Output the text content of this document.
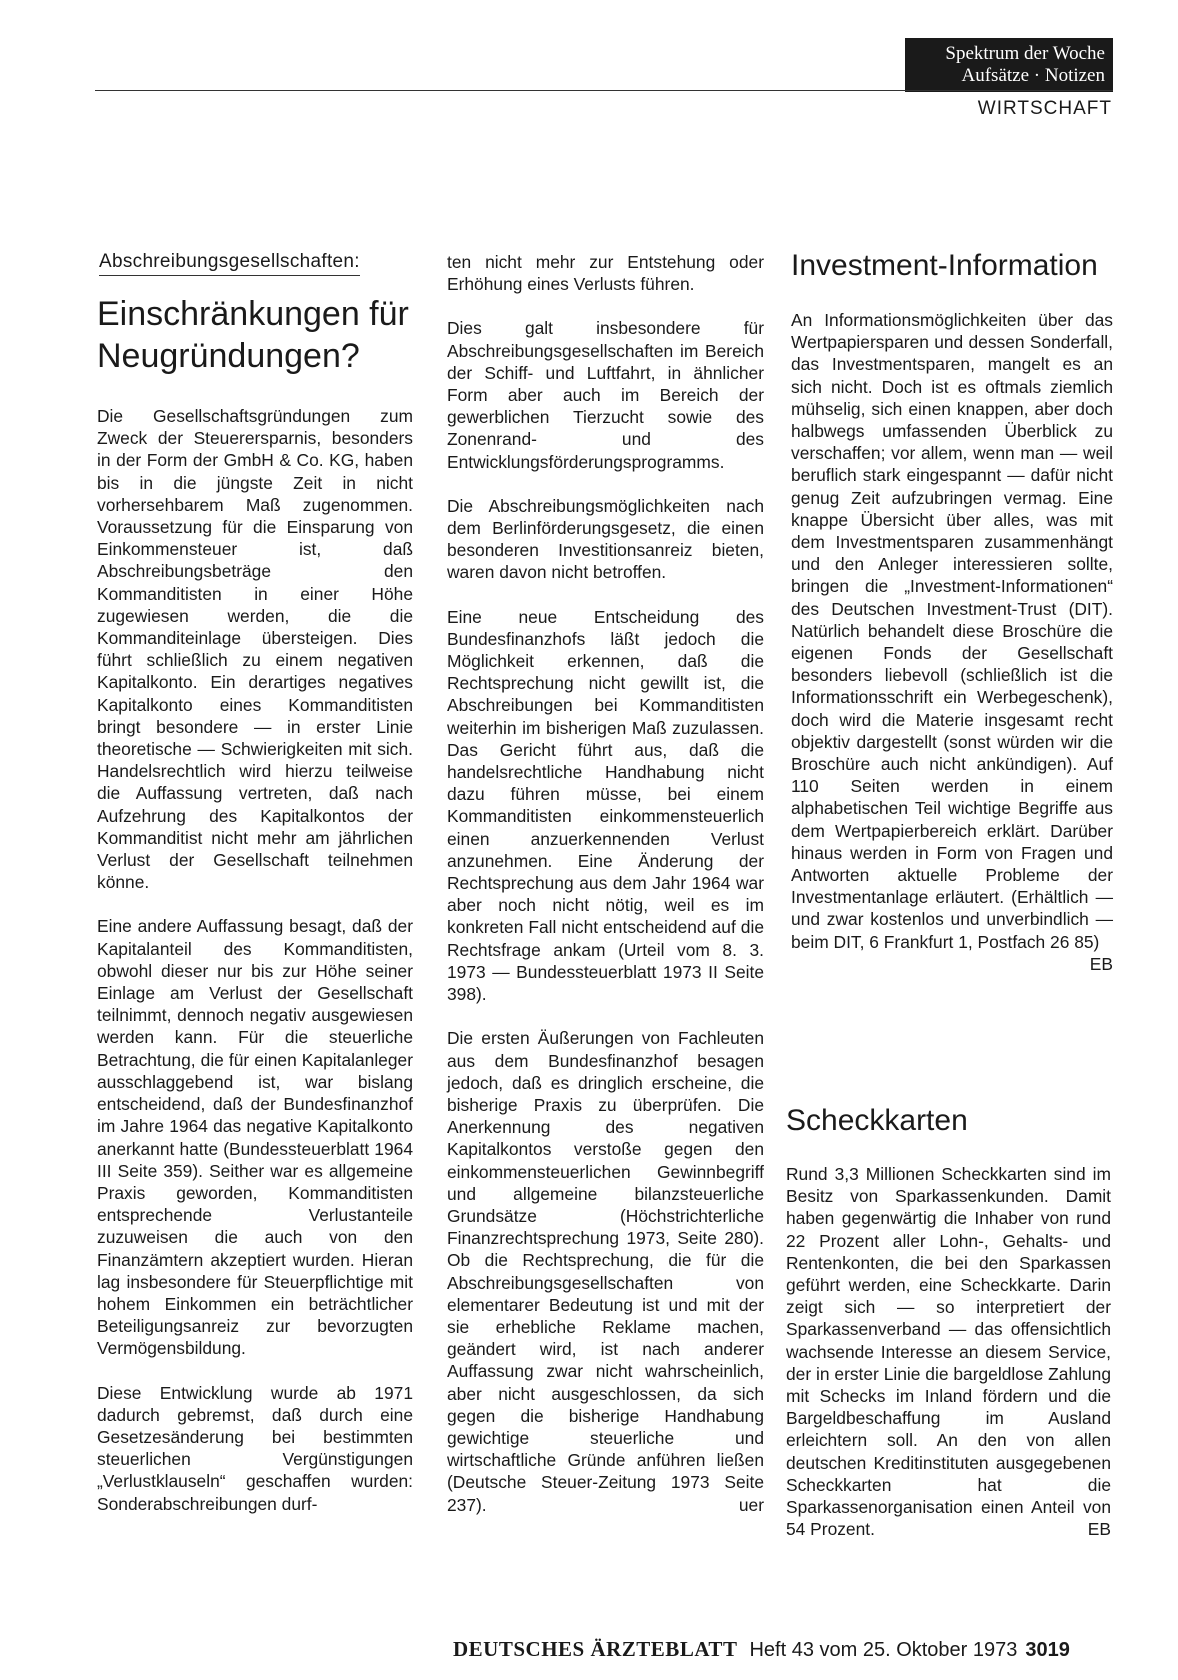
Spektrum der Woche
Aufsätze · Notizen
WIRTSCHAFT
Abschreibungsgesellschaften:
Einschränkungen für Neugründungen?

Die Gesellschaftsgründungen zum Zweck der Steuerersparnis, besonders in der Form der GmbH & Co. KG, haben bis in die jüngste Zeit in nicht vorhersehbarem Maß zugenommen. Voraussetzung für die Einsparung von Einkommensteuer ist, daß Abschreibungsbeträge den Kommanditisten in einer Höhe zugewiesen werden, die die Kommanditeinlage übersteigen. Dies führt schließlich zu einem negativen Kapitalkonto. Ein derartiges negatives Kapitalkonto eines Kommanditisten bringt besondere — in erster Linie theoretische — Schwierigkeiten mit sich. Handelsrechtlich wird hierzu teilweise die Auffassung vertreten, daß nach Aufzehrung des Kapitalkontos der Kommanditist nicht mehr am jährlichen Verlust der Gesellschaft teilnehmen könne.

Eine andere Auffassung besagt, daß der Kapitalanteil des Kommanditisten, obwohl dieser nur bis zur Höhe seiner Einlage am Verlust der Gesellschaft teilnimmt, dennoch negativ ausgewiesen werden kann. Für die steuerliche Betrachtung, die für einen Kapitalanleger ausschlaggebend ist, war bislang entscheidend, daß der Bundesfinanzhof im Jahre 1964 das negative Kapitalkonto anerkannt hatte (Bundessteuerblatt 1964 III Seite 359). Seither war es allgemeine Praxis geworden, Kommanditisten entsprechende Verlustanteile zuzuweisen die auch von den Finanzämtern akzeptiert wurden. Hieran lag insbesondere für Steuerpflichtige mit hohem Einkommen ein beträchtlicher Beteiligungsanreiz zur bevorzugten Vermögensbildung.

Diese Entwicklung wurde ab 1971 dadurch gebremst, daß durch eine Gesetzesänderung bei bestimmten steuerlichen Vergünstigungen „Verlustklauseln“ geschaffen wurden: Sonderabschreibungen durf-

ten nicht mehr zur Entstehung oder Erhöhung eines Verlusts führen.

Dies galt insbesondere für Abschreibungsgesellschaften im Bereich der Schiff- und Luftfahrt, in ähnlicher Form aber auch im Bereich der gewerblichen Tierzucht sowie des Zonenrand- und des Entwicklungsförderungsprogramms.

Die Abschreibungsmöglichkeiten nach dem Berlinförderungsgesetz, die einen besonderen Investitionsanreiz bieten, waren davon nicht betroffen.

Eine neue Entscheidung des Bundesfinanzhofs läßt jedoch die Möglichkeit erkennen, daß die Rechtsprechung nicht gewillt ist, die Abschreibungen bei Kommanditisten weiterhin im bisherigen Maß zuzulassen. Das Gericht führt aus, daß die handelsrechtliche Handhabung nicht dazu führen müsse, bei einem Kommanditisten einkommensteuerlich einen anzuerkennenden Verlust anzunehmen. Eine Änderung der Rechtsprechung aus dem Jahr 1964 war aber noch nicht nötig, weil es im konkreten Fall nicht entscheidend auf die Rechtsfrage ankam (Urteil vom 8. 3. 1973 — Bundessteuerblatt 1973 II Seite 398).

Die ersten Äußerungen von Fachleuten aus dem Bundesfinanzhof besagen jedoch, daß es dringlich erscheine, die bisherige Praxis zu überprüfen. Die Anerkennung des negativen Kapitalkontos verstoße gegen den einkommensteuerlichen Gewinnbegriff und allgemeine bilanzsteuerliche Grundsätze (Höchstrichterliche Finanzrechtsprechung 1973, Seite 280). Ob die Rechtsprechung, die für die Abschreibungsgesellschaften von elementarer Bedeutung ist und mit der sie erhebliche Reklame machen, geändert wird, ist nach anderer Auffassung zwar nicht wahrscheinlich, aber nicht ausgeschlossen, da sich gegen die bisherige Handhabung gewichtige steuerliche und wirtschaftliche Gründe anführen ließen (Deutsche Steuer-Zeitung 1973 Seite 237).	uer

Investment-Information

An Informationsmöglichkeiten über das Wertpapiersparen und dessen Sonderfall, das Investmentsparen, mangelt es an sich nicht. Doch ist es oftmals ziemlich mühselig, sich einen knappen, aber doch halbwegs umfassenden Überblick zu verschaffen; vor allem, wenn man — weil beruflich stark eingespannt — dafür nicht genug Zeit aufzubringen vermag. Eine knappe Übersicht über alles, was mit dem Investmentsparen zusammenhängt und den Anleger interessieren sollte, bringen die „Investment-Informationen“ des Deutschen Investment-Trust (DIT). Natürlich behandelt diese Broschüre die eigenen Fonds der Gesellschaft besonders liebevoll (schließlich ist die Informationsschrift ein Werbegeschenk), doch wird die Materie insgesamt recht objektiv dargestellt (sonst würden wir die Broschüre auch nicht ankündigen). Auf 110 Seiten werden in einem alphabetischen Teil wichtige Begriffe aus dem Wertpapierbereich erklärt. Darüber hinaus werden in Form von Fragen und Antworten aktuelle Probleme der Investmentanlage erläutert. (Erhältlich — und zwar kostenlos und unverbindlich — beim DIT, 6 Frankfurt 1, Postfach 26 85)
EB

Scheckkarten

Rund 3,3 Millionen Scheckkarten sind im Besitz von Sparkassenkunden. Damit haben gegenwärtig die Inhaber von rund 22 Prozent aller Lohn-, Gehalts- und Rentenkonten, die bei den Sparkassen geführt werden, eine Scheckkarte. Darin zeigt sich — so interpretiert der Sparkassenverband — das offensichtlich wachsende Interesse an diesem Service, der in erster Linie die bargeldlose Zahlung mit Schecks im Inland fördern und die Bargeldbeschaffung im Ausland erleichtern soll. An den von allen deutschen Kreditinstituten ausgegebenen Scheckkarten hat die Sparkassenorganisation einen Anteil von 54 Prozent.	EB

DEUTSCHES ÄRZTEBLATT Heft 43 vom 25. Oktober 1973 3019
